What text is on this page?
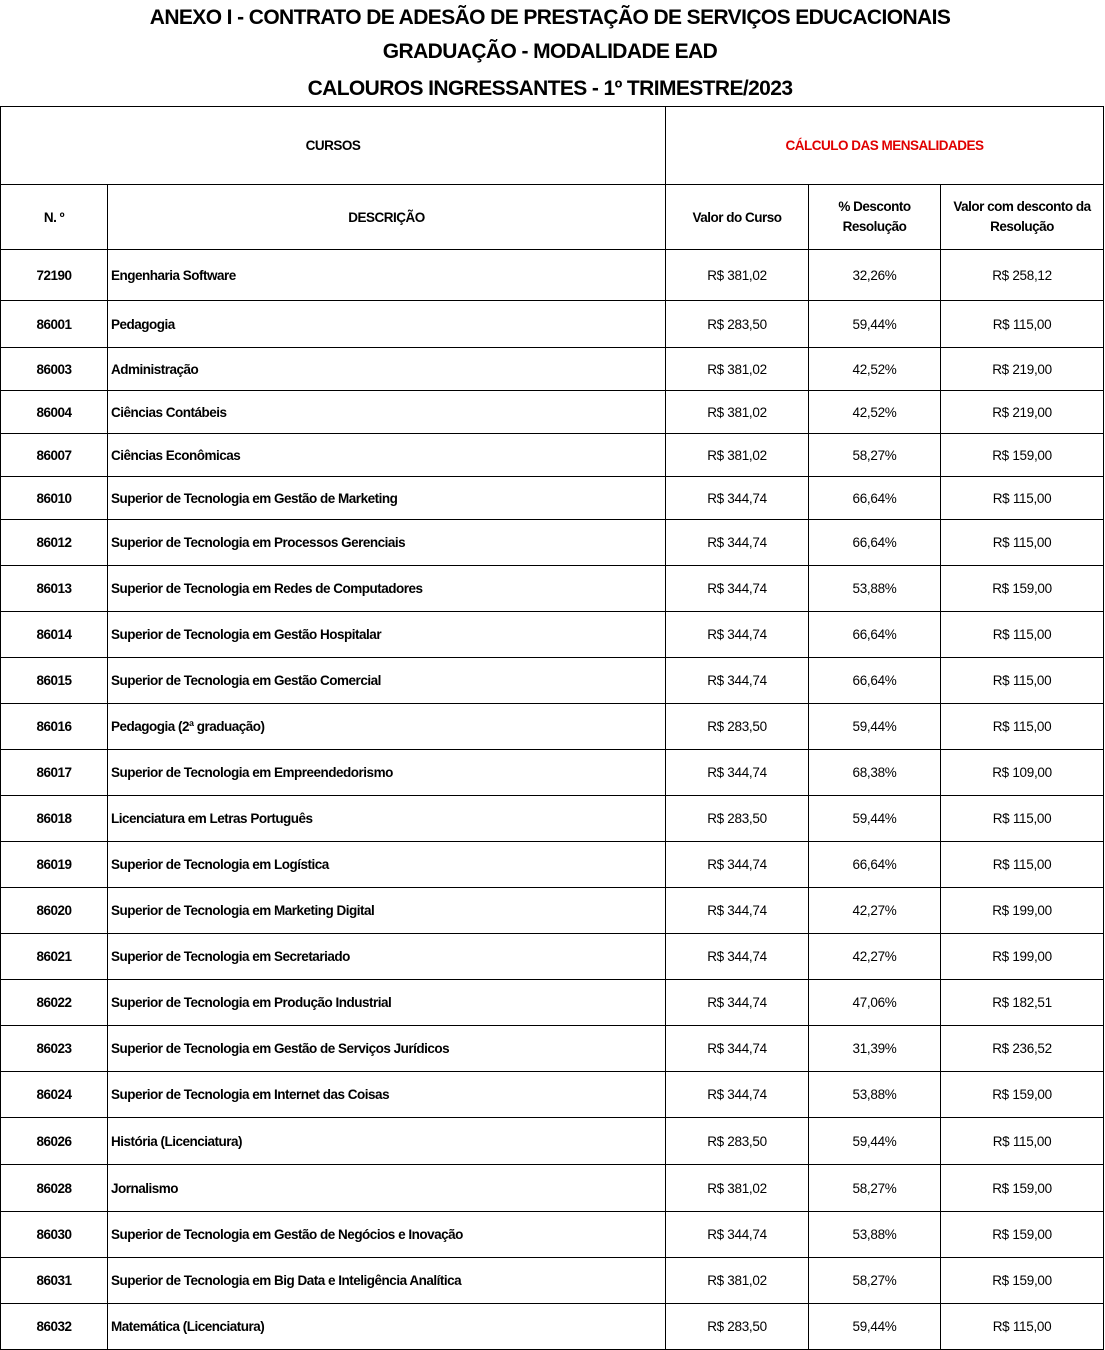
ANEXO I - CONTRATO DE ADESÃO DE PRESTAÇÃO DE SERVIÇOS EDUCACIONAIS
GRADUAÇÃO - MODALIDADE EAD
CALOUROS INGRESSANTES - 1º TRIMESTRE/2023
CURSOS		CÁLCULO DAS MENSALIDADES		
N. º	DESCRIÇÃO	Valor do Curso	% Desconto Resolução	Valor com desconto da Resolução
72190	Engenharia Software	R$ 381,02	32,26%	R$ 258,12
86001	Pedagogia	R$ 283,50	59,44%	R$ 115,00
86003	Administração	R$ 381,02	42,52%	R$ 219,00
86004	Ciências Contábeis	R$ 381,02	42,52%	R$ 219,00
86007	Ciências Econômicas	R$ 381,02	58,27%	R$ 159,00
86010	Superior de Tecnologia em Gestão de Marketing	R$ 344,74	66,64%	R$ 115,00
86012	Superior de Tecnologia em Processos Gerenciais	R$ 344,74	66,64%	R$ 115,00
86013	Superior de Tecnologia em Redes de Computadores	R$ 344,74	53,88%	R$ 159,00
86014	Superior de Tecnologia em Gestão Hospitalar	R$ 344,74	66,64%	R$ 115,00
86015	Superior de Tecnologia em Gestão Comercial	R$ 344,74	66,64%	R$ 115,00
86016	Pedagogia (2ª graduação)	R$ 283,50	59,44%	R$ 115,00
86017	Superior de Tecnologia em Empreendedorismo	R$ 344,74	68,38%	R$ 109,00
86018	Licenciatura em Letras Português	R$ 283,50	59,44%	R$ 115,00
86019	Superior de Tecnologia em Logística	R$ 344,74	66,64%	R$ 115,00
86020	Superior de Tecnologia em Marketing Digital	R$ 344,74	42,27%	R$ 199,00
86021	Superior de Tecnologia em Secretariado	R$ 344,74	42,27%	R$ 199,00
86022	Superior de Tecnologia em Produção Industrial	R$ 344,74	47,06%	R$ 182,51
86023	Superior de Tecnologia em Gestão de Serviços Jurídicos	R$ 344,74	31,39%	R$ 236,52
86024	Superior de Tecnologia em Internet das Coisas	R$ 344,74	53,88%	R$ 159,00
86026	História (Licenciatura)	R$ 283,50	59,44%	R$ 115,00
86028	Jornalismo	R$ 381,02	58,27%	R$ 159,00
86030	Superior de Tecnologia em Gestão de Negócios e Inovação	R$ 344,74	53,88%	R$ 159,00
86031	Superior de Tecnologia em Big Data e Inteligência Analítica	R$ 381,02	58,27%	R$ 159,00
86032	Matemática (Licenciatura)	R$ 283,50	59,44%	R$ 115,00
